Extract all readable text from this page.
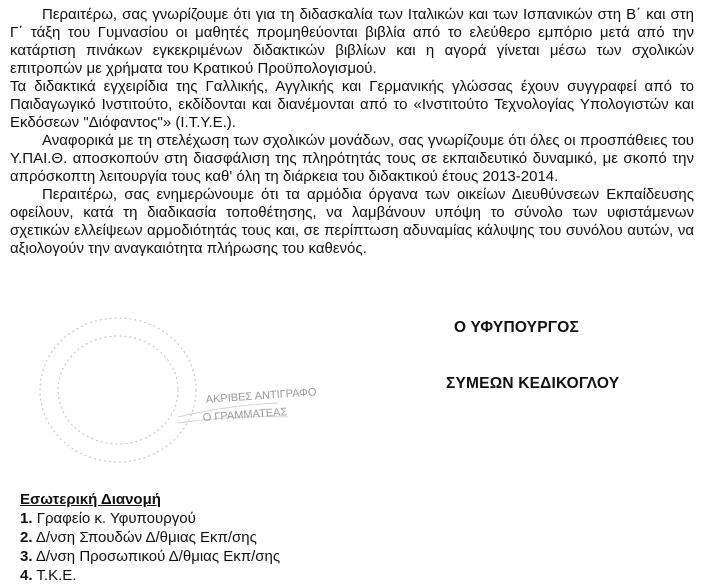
Περαιτέρω, σας γνωρίζουμε ότι για τη διδασκαλία των Ιταλικών και των Ισπανικών στη Β΄ και στη Γ΄ τάξη του Γυμνασίου οι μαθητές προμηθεύονται βιβλία από το ελεύθερο εμπόριο μετά από την κατάρτιση πινάκων εγκεκριμένων διδακτικών βιβλίων και η αγορά γίνεται μέσω των σχολικών επιτροπών με χρήματα του Κρατικού Προϋπολογισμού.

Τα διδακτικά εγχειρίδια της Γαλλικής, Αγγλικής και Γερμανικής γλώσσας έχουν συγγραφεί από το Παιδαγωγικό Ινστιτούτο, εκδίδονται και διανέμονται από το «Ινστιτούτο Τεχνολογίας Υπολογιστών και Εκδόσεων "Διόφαντος"» (Ι.Τ.Υ.Ε.).

Αναφορικά με τη στελέχωση των σχολικών μονάδων, σας γνωρίζουμε ότι όλες οι προσπάθειες του Υ.ΠΑΙ.Θ. αποσκοπούν στη διασφάλιση της πληρότητάς τους σε εκπαιδευτικό δυναμικό, με σκοπό την απρόσκοπτη λειτουργία τους καθ' όλη τη διάρκεια του διδακτικού έτους 2013-2014.

Περαιτέρω, σας ενημερώνουμε ότι τα αρμόδια όργανα των οικείων Διευθύνσεων Εκπαίδευσης οφείλουν, κατά τη διαδικασία τοποθέτησης, να λαμβάνουν υπόψη το σύνολο των υφιστάμενων σχετικών ελλείψεων αρμοδιότητάς τους και, σε περίπτωση αδυναμίας κάλυψης του συνόλου αυτών, να αξιολογούν την αναγκαιότητα πλήρωσης του καθενός.

Ο ΥΦΥΠΟΥΡΓΟΣ
ΣΥΜΕΩΝ ΚΕΔΙΚΟΓΛΟΥ
ΑΚΡΙΒΕΣ ΑΝΤΙΓΡΑΦΟ
Ο ΓΡΑΜΜΑΤΕΑΣ
Εσωτερική Διανομή
1. Γραφείο κ. Υφυπουργού
2. Δ/νση Σπουδών Δ/θμιας Εκπ/σης
3. Δ/νση Προσωπικού Δ/θμιας Εκπ/σης
4. Τ.Κ.Ε.
